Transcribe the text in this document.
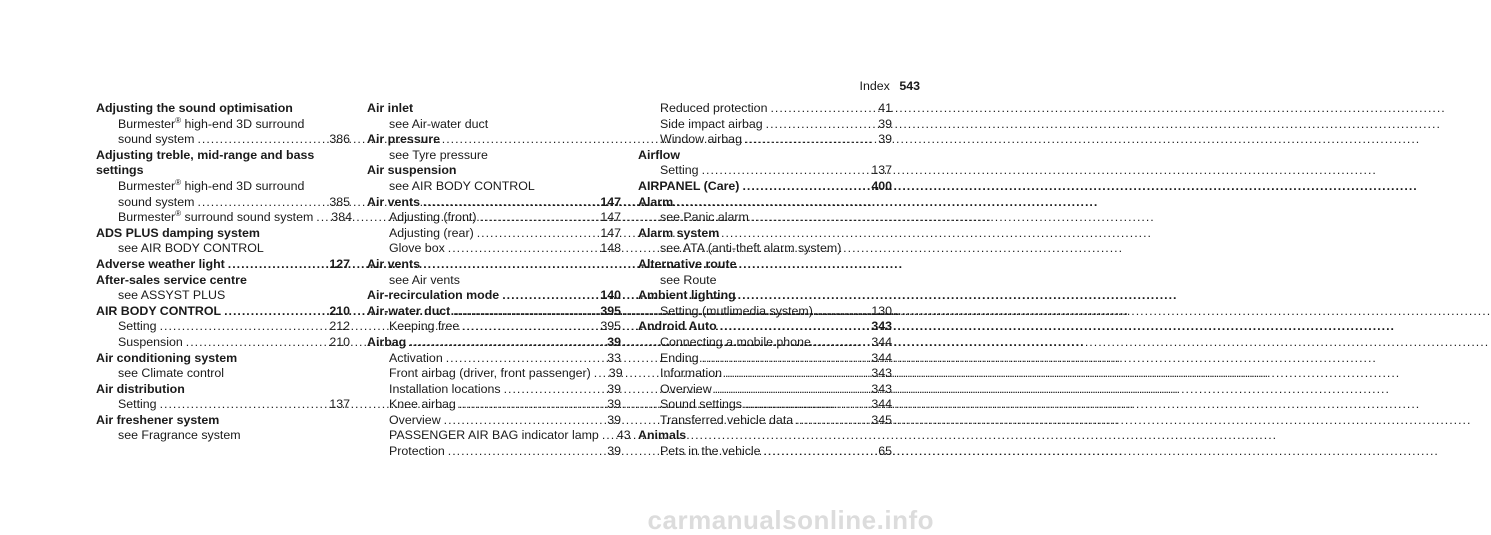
Index 543
Adjusting the sound optimisation
Burmester® high-end 3D surround
sound system .....	386
Adjusting treble, mid-range and bass
settings
Burmester® high-end 3D surround
sound system .....	385
Burmester® surround sound system ..... 384
ADS PLUS damping system
see AIR BODY CONTROL
Adverse weather light .....	127
After-sales service centre
see ASSYST PLUS
AIR BODY CONTROL .....	210
Setting .....	212
Suspension .....	210
Air conditioning system
see Climate control
Air distribution
Setting .....	137
Air freshener system
see Fragrance system
Air inlet
see Air-water duct
Air pressure
see Tyre pressure
Air suspension
see AIR BODY CONTROL
Air vents .....	147
Adjusting (front) .....	147
Adjusting (rear) .....	147
Glove box .....	148
Air vents
see Air vents
Air-recirculation mode .....	140
Air-water duct .....	395
Keeping free .....	395
Airbag .....	39
Activation .....	33
Front airbag (driver, front passenger) ..... 39
Installation locations .....	39
Knee airbag .....	39
Overview .....	39
PASSENGER AIR BAG indicator lamp ..... 43
Protection .....	39
Reduced protection .....	41
Side impact airbag .....	39
Window airbag .....	39
Airflow
Setting .....	137
AIRPANEL (Care) .....	400
Alarm
see Panic alarm
Alarm system
see ATA (anti-theft alarm system)
Alternative route
see Route
Ambient lighting
Setting (mutlimedia system) .....	130
Android Auto .....	343
Connecting a mobile phone .....	344
Ending .....	344
Information .....	343
Overview .....	343
Sound settings .....	344
Transferred vehicle data .....	345
Animals
Pets in the vehicle .....	65
carmanualsonline.info
